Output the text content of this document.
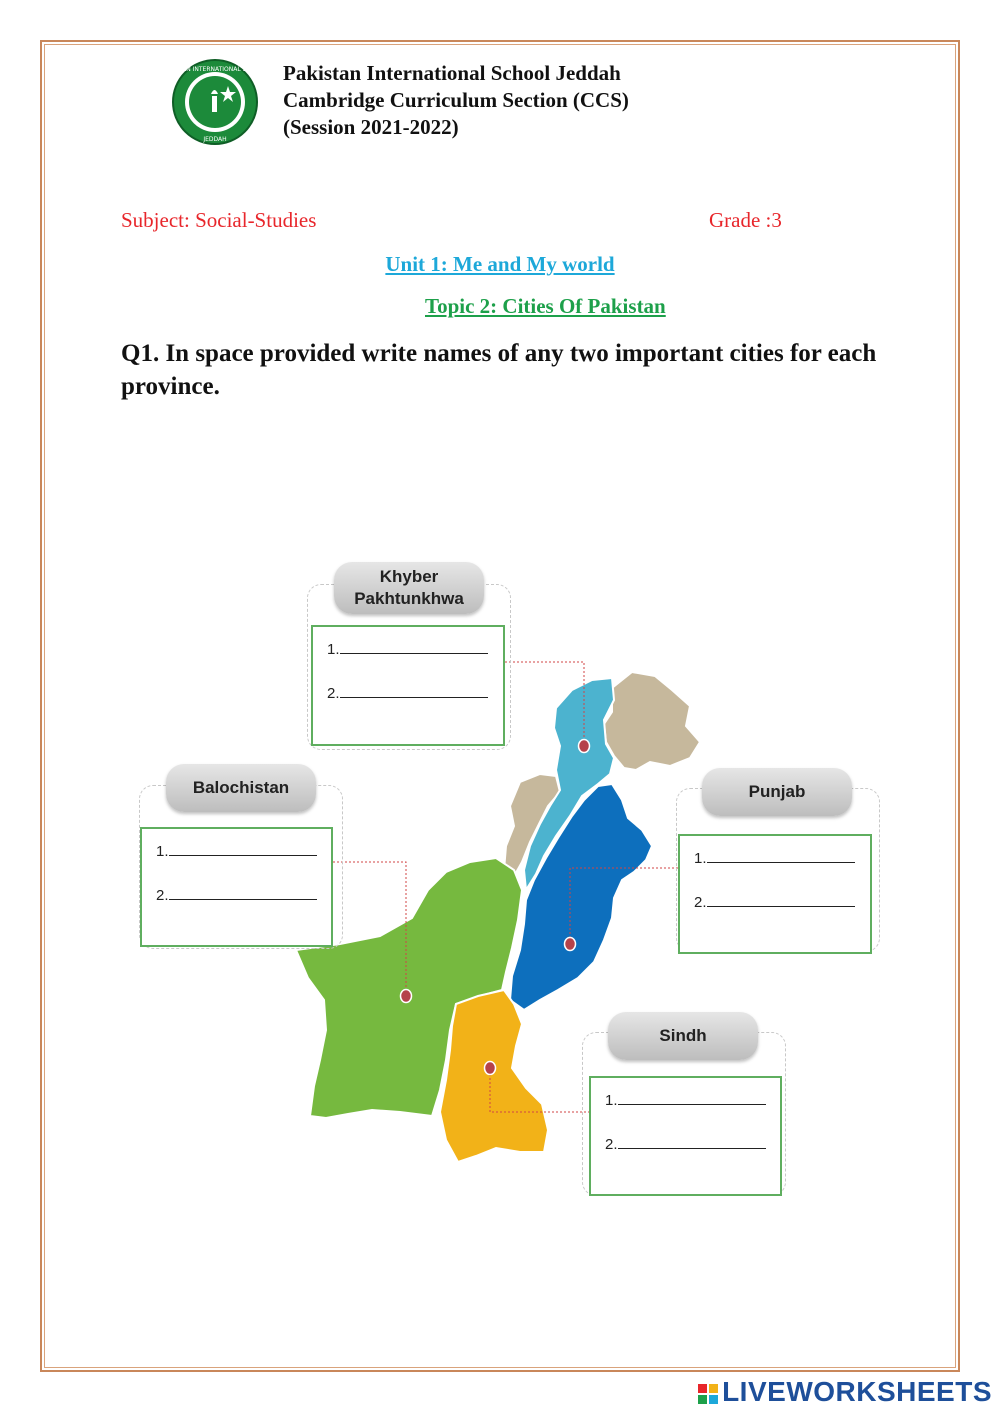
PAKISTAN INTERNATIONAL SCHOOL
JEDDAH
Pakistan International School Jeddah
Cambridge Curriculum Section (CCS)
(Session 2021-2022)
Subject: Social-Studies	Grade :3
Unit 1: Me and My world
Topic 2: Cities Of Pakistan
Q1. In space provided write names of any two important cities for each province.
Khyber
Pakhtunkhwa
1.
2.
Balochistan
1.
2.
Punjab
1.
2.
Sindh
1.
2.
LIVEWORKSHEETS
